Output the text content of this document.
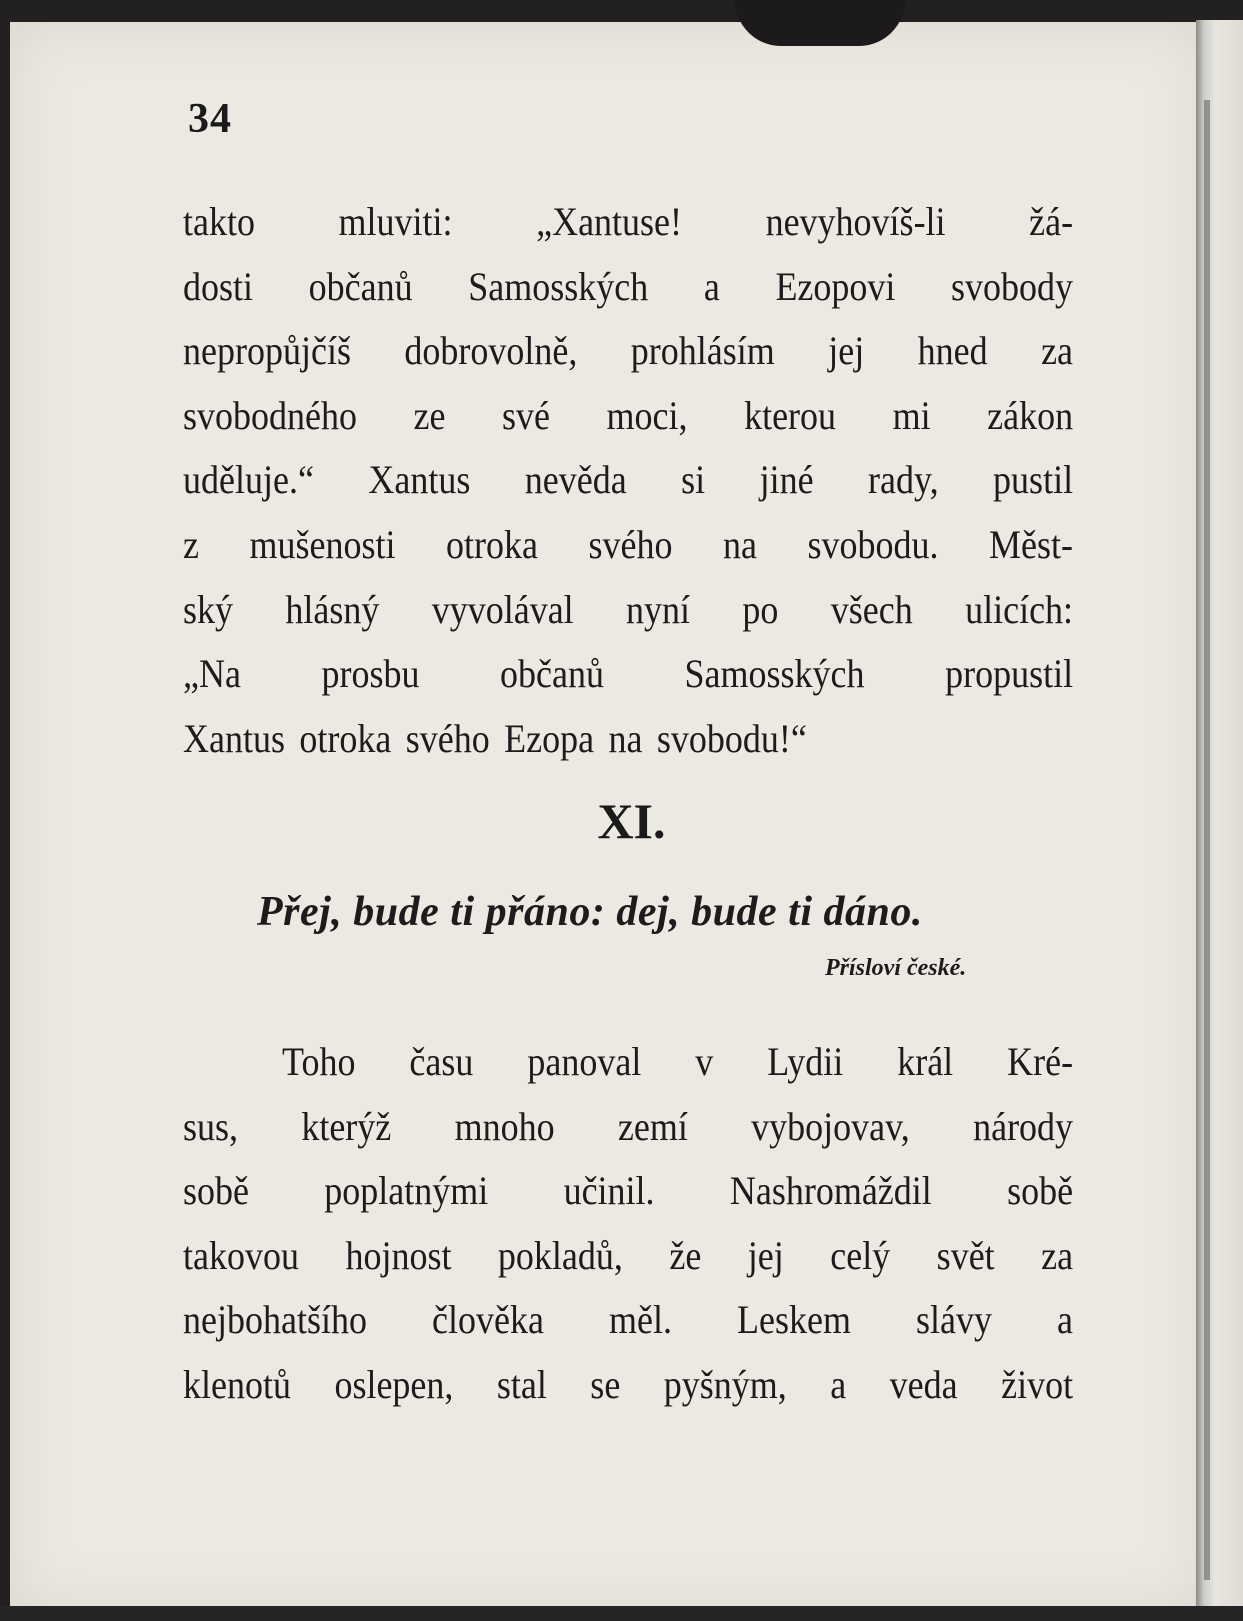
34
takto mluviti: „Xantuse! nevyhovíš-li žá-
dosti občanů Samosských a Ezopovi svobody
nepropůjčíš dobrovolně, prohlásím jej hned za
svobodného ze své moci, kterou mi zákon
uděluje.“ Xantus nevěda si jiné rady, pustil
z mušenosti otroka svého na svobodu. Měst-
ský hlásný vyvolával nyní po všech ulicích:
„Na prosbu občanů Samosských propustil
Xantus otroka svého Ezopa na svobodu!“
XI.
Přej, bude ti přáno: dej, bude ti dáno.
Přísloví české.
Toho času panoval v Lydii král Kré-
sus, kterýž mnoho zemí vybojovav, národy
sobě poplatnými učinil. Nashromáždil sobě
takovou hojnost pokladů, že jej celý svět za
nejbohatšího člověka měl. Leskem slávy a
klenotů oslepen, stal se pyšným, a veda život
